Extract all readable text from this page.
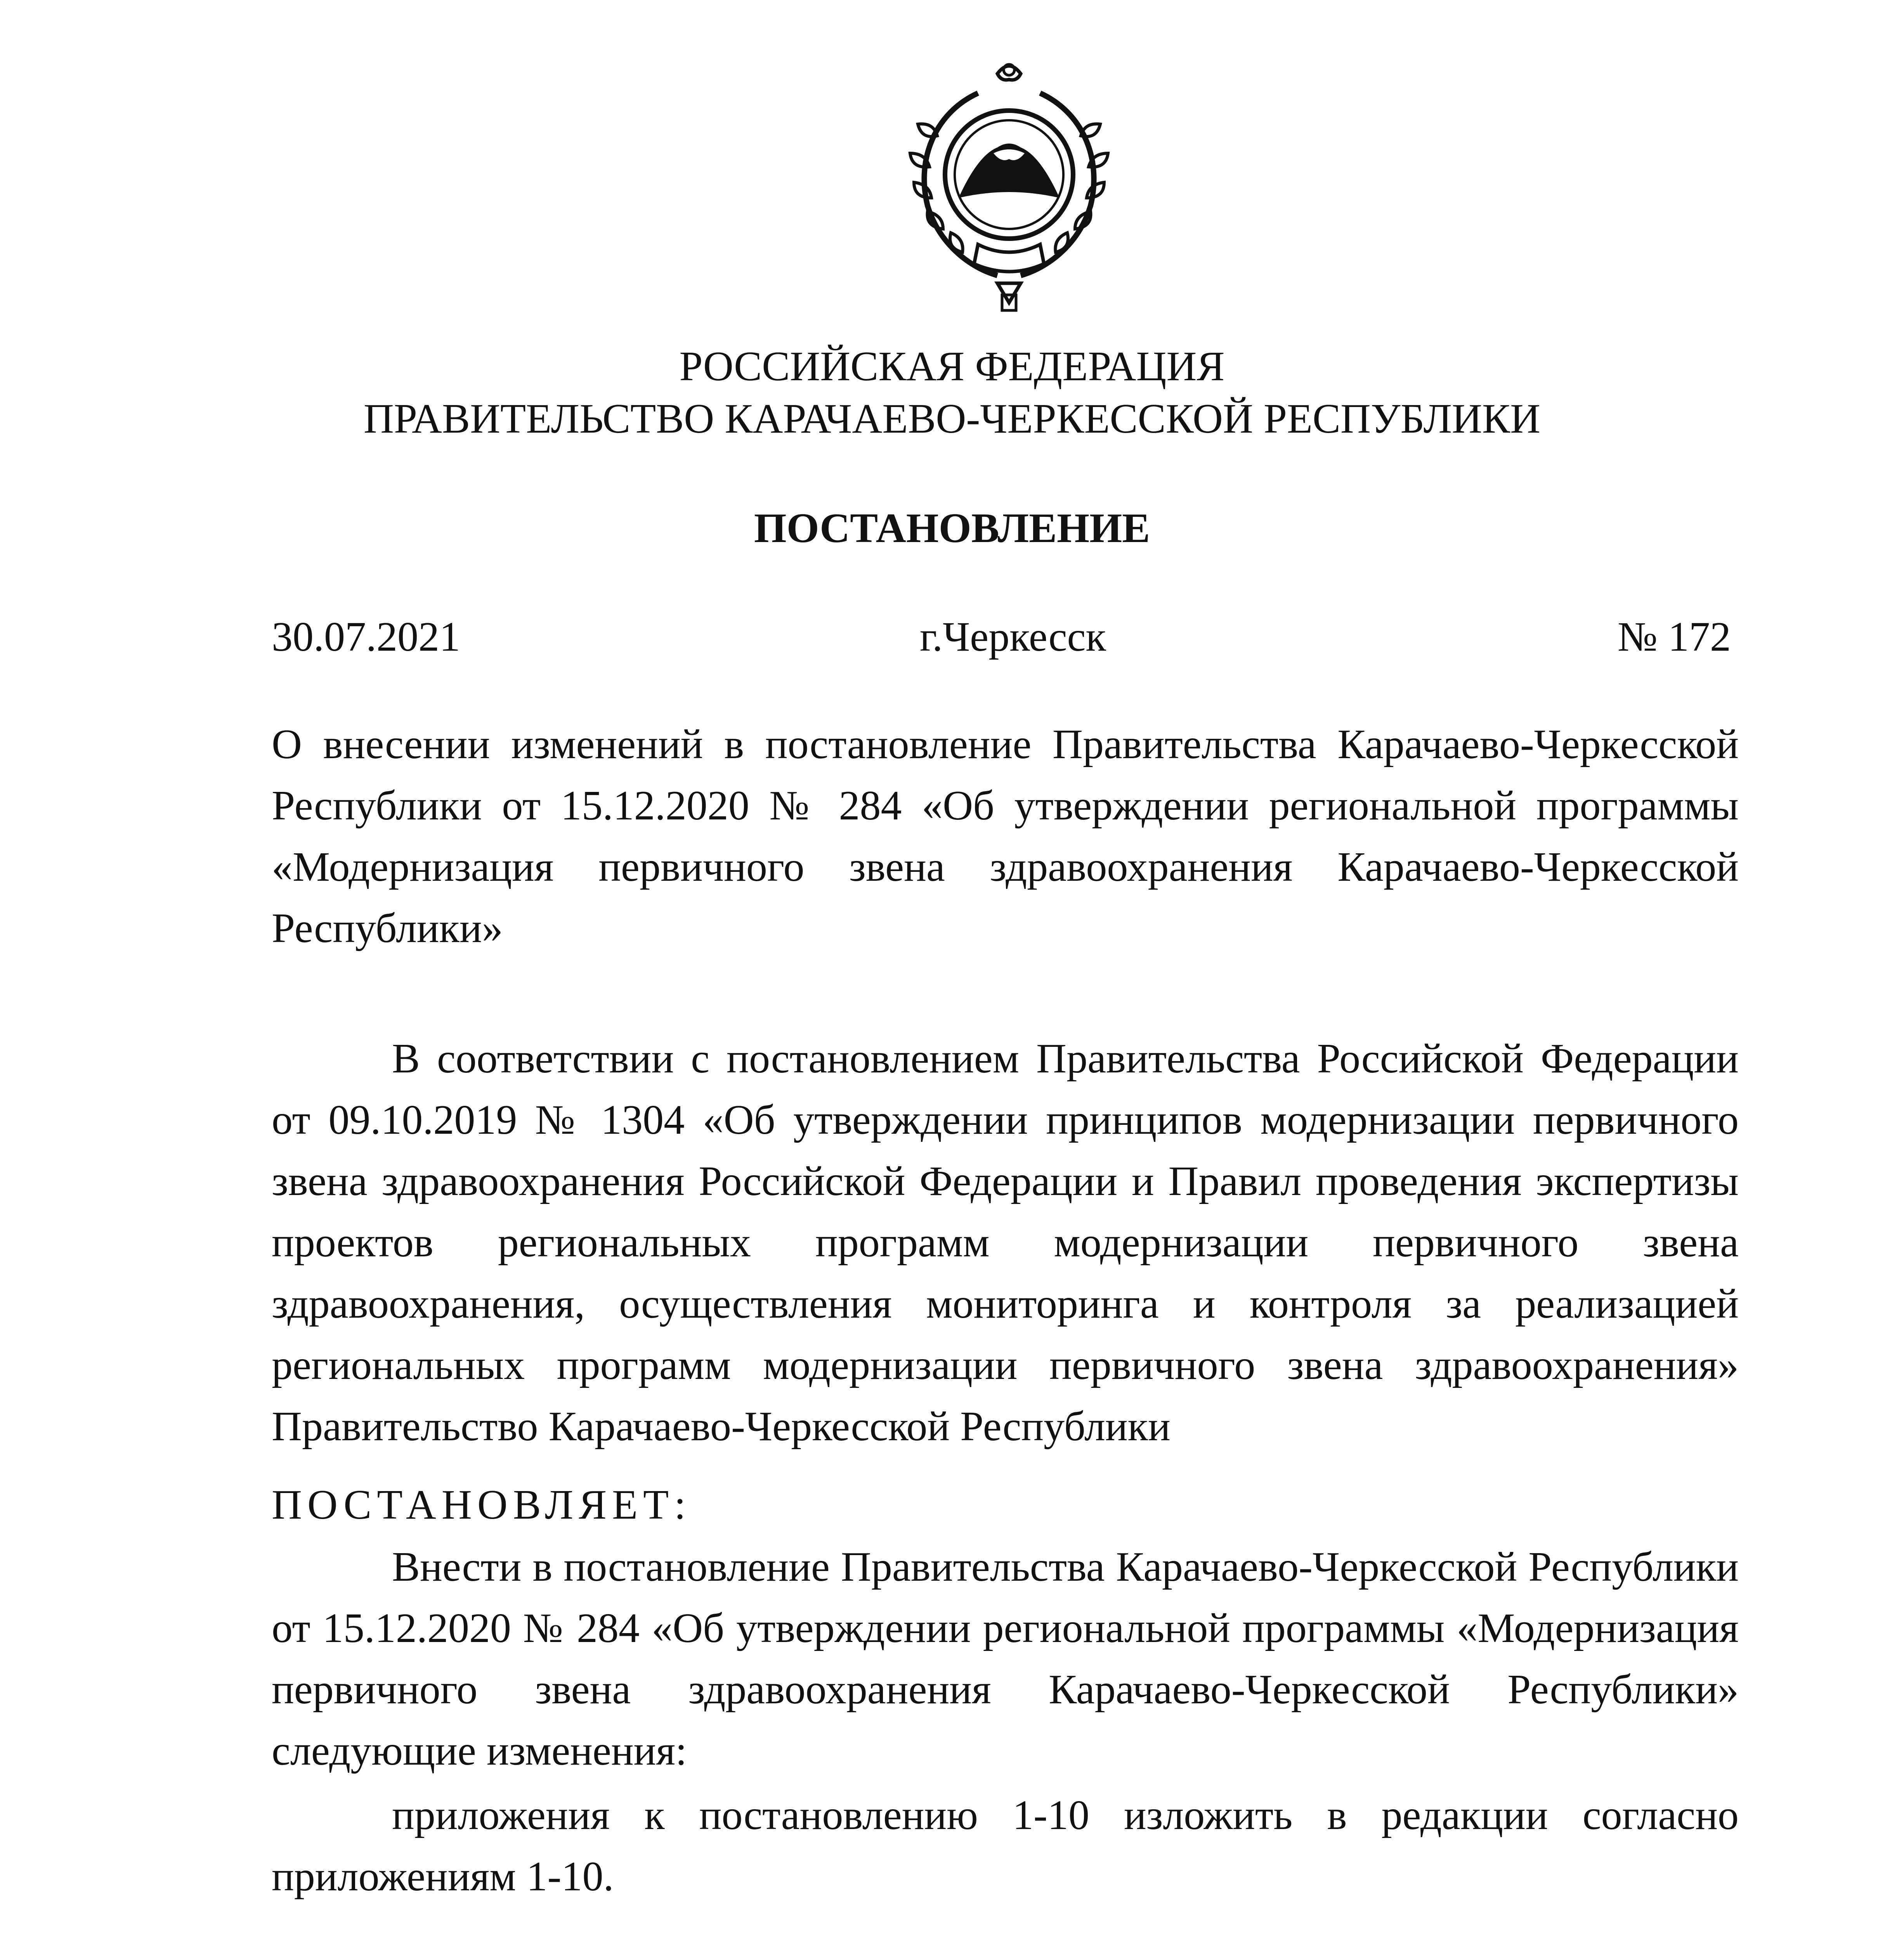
РОССИЙСКАЯ ФЕДЕРАЦИЯ
ПРАВИТЕЛЬСТВО КАРАЧАЕВО-ЧЕРКЕССКОЙ РЕСПУБЛИКИ
ПОСТАНОВЛЕНИЕ
30.07.2021	г.Черкесск	№ 172
О внесении изменений в постановление Правительства Карачаево-Черкесской Республики от 15.12.2020 № 284 «Об утверждении региональной программы «Модернизация первичного звена здравоохранения Карачаево-Черкесской Республики»
В соответствии с постановлением Правительства Российской Федерации от 09.10.2019 № 1304 «Об утверждении принципов модернизации первичного звена здравоохранения Российской Федерации и Правил проведения экспертизы проектов региональных программ модернизации первичного звена здравоохранения, осуществления мониторинга и контроля за реализацией региональных программ модернизации первичного звена здравоохранения» Правительство Карачаево-Черкесской Республики
ПОСТАНОВЛЯЕТ:
Внести в постановление Правительства Карачаево-Черкесской Республики от 15.12.2020 № 284 «Об утверждении региональной программы «Модернизация первичного звена здравоохранения Карачаево-Черкесской Республики» следующие изменения:
приложения к постановлению 1-10 изложить в редакции согласно приложениям 1-10.
